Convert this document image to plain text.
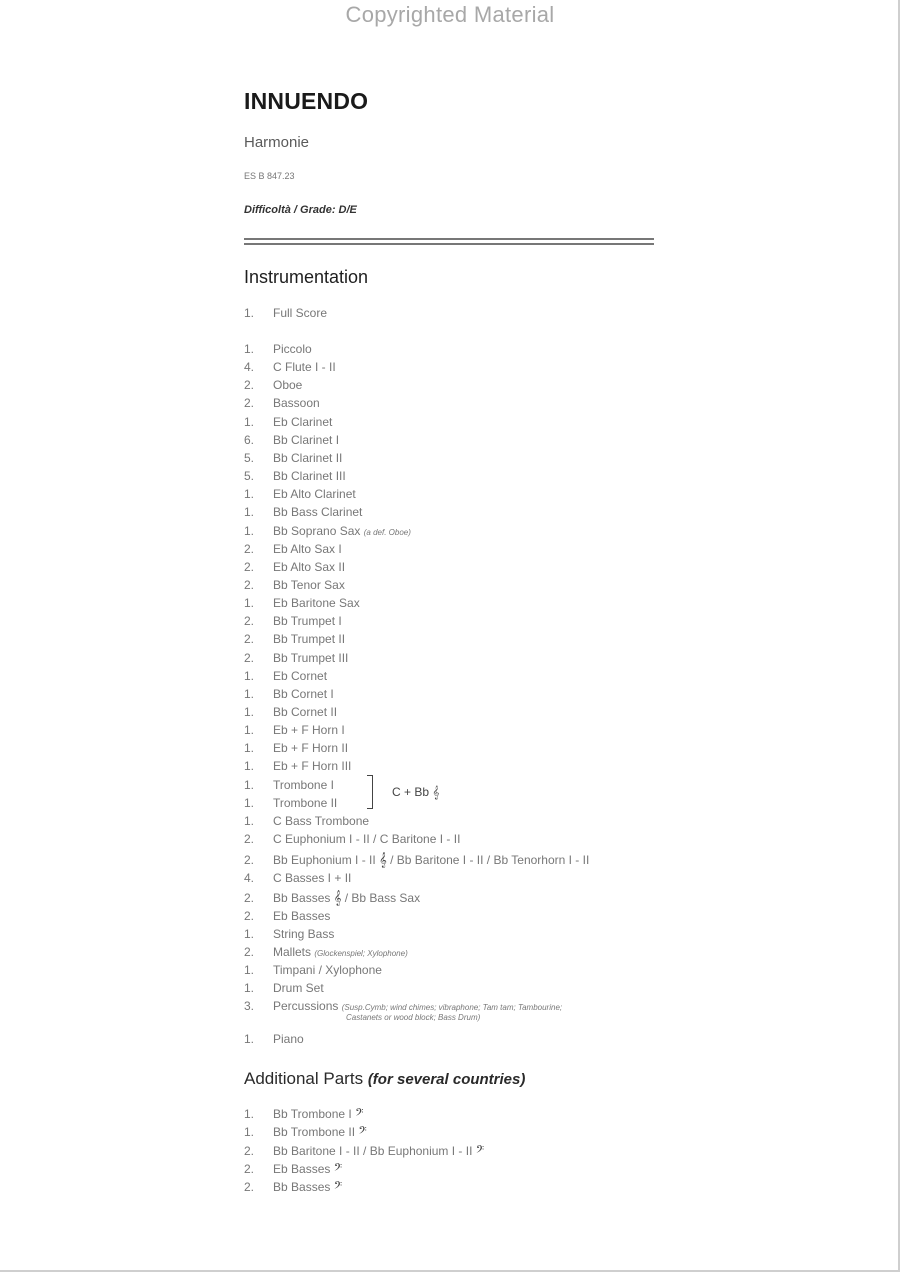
Copyrighted Material
INNUENDO
Harmonie
ES B 847.23
Difficoltà / Grade: D/E
Instrumentation
1. Full Score
1. Piccolo
4. C Flute I - II
2. Oboe
2. Bassoon
1. Eb Clarinet
6. Bb Clarinet I
5. Bb Clarinet II
5. Bb Clarinet III
1. Eb Alto Clarinet
1. Bb Bass Clarinet
1. Bb Soprano Sax (a def. Oboe)
2. Eb Alto Sax I
2. Eb Alto Sax II
2. Bb Tenor Sax
1. Eb Baritone Sax
2. Bb Trumpet I
2. Bb Trumpet II
2. Bb Trumpet III
1. Eb Cornet
1. Bb Cornet I
1. Bb Cornet II
1. Eb + F Horn I
1. Eb + F Horn II
1. Eb + F Horn III
1. Trombone I
1. Trombone II
1. C Bass Trombone
2. C Euphonium I - II / C Baritone I - II
2. Bb Euphonium I - II 𝄞 / Bb Baritone I - II / Bb Tenorhorn I - II
4. C Basses I + II
2. Bb Basses 𝄞 / Bb Bass Sax
2. Eb Basses
1. String Bass
2. Mallets (Glockenspiel; Xylophone)
1. Timpani / Xylophone
1. Drum Set
3. Percussions (Susp.Cymb; wind chimes; vibraphone; Tam tam; Tambourine;
1. Piano
C + Bb 𝄞
Castanets or wood block; Bass Drum)
Additional Parts (for several countries)
1. Bb Trombone I 𝄢
1. Bb Trombone II 𝄢
2. Bb Baritone I - II / Bb Euphonium I - II 𝄢
2. Eb Basses 𝄢
2. Bb Basses 𝄢
